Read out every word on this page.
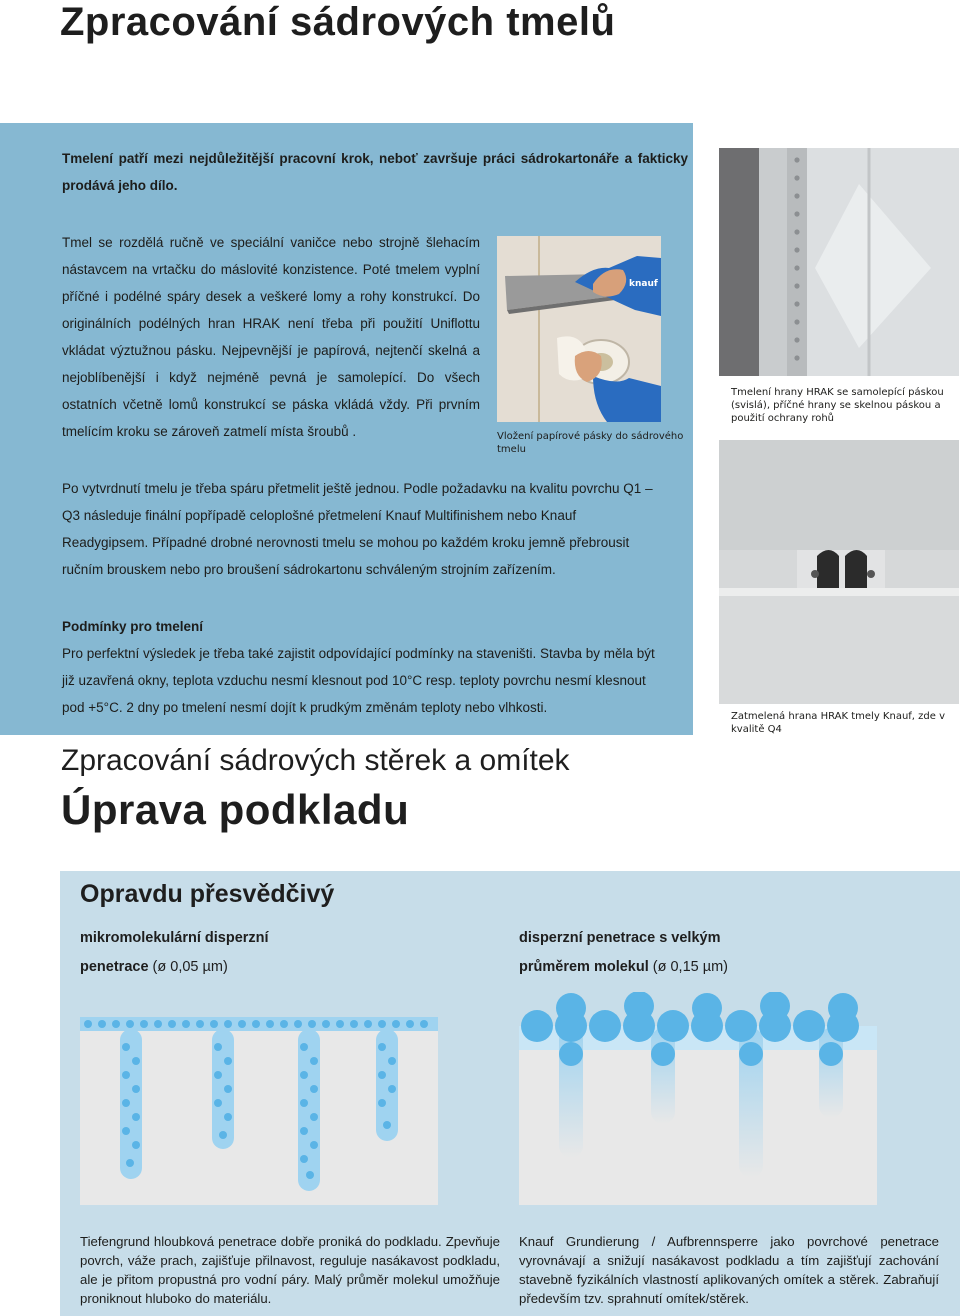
Zpracování sádrových tmelů
Tmelení patří mezi nejdůležitější pracovní krok, neboť završuje práci sádrokartonáře a fakticky prodává jeho dílo.
Tmel se rozdělá ručně ve speciální vaničce nebo strojně šlehacím nástavcem na vrtačku do máslovité konzistence. Poté tmelem vyplní příčné i podélné spáry desek a veškeré lomy a rohy konstrukcí. Do originálních podélných hran HRAK není třeba při použití Uniflottu vkládat výztužnou pásku. Nejpevnější je papírová, nejtenčí skelná a nejoblíbenější i když nejméně pevná je samolepící. Do všech ostatních včetně lomů konstrukcí se páska vkládá vždy. Při prvním tmelícím kroku se zároveň zatmelí místa šroubů .
Po vytvrdnutí tmelu je třeba spáru přetmelit ještě jednou. Podle požadavku na kvalitu povrchu Q1 – Q3 následuje finální popřípadě celoplošné přetmelení Knauf Multifinishem nebo Knauf Readygipsem. Případné drobné nerovnosti tmelu se mohou po každém kroku jemně přebrousit ručním brouskem nebo pro broušení sádrokartonu schváleným strojním zařízením.
Podmínky pro tmelení
Pro perfektní výsledek je třeba také zajistit odpovídající podmínky na staveništi. Stavba by měla být již uzavřená okny, teplota vzduchu nesmí klesnout pod 10°C resp. teploty povrchu nesmí klesnout pod +5°C. 2 dny po tmelení nesmí dojít k prudkým změnám teploty nebo vlhkosti.
knauf
Vložení papírové pásky do sádrového tmelu
Tmelení hrany HRAK se samolepící páskou (svislá), příčné hrany se skelnou páskou a použití ochrany rohů
Zatmelená hrana HRAK tmely Knauf, zde v kvalitě Q4
Zpracování sádrových stěrek a omítek
Úprava podkladu
Opravdu přesvědčivý
mikromolekulární disperzní
penetrace (ø 0,05 µm)
disperzní penetrace s velkým
průměrem molekul (ø 0,15 µm)
Tiefengrund hloubková penetrace dobře proniká do podkladu. Zpevňuje povrch, váže prach, zajišťuje přilnavost, reguluje nasákavost podkladu, ale je přitom propustná pro vodní páry. Malý průměr molekul umožňuje proniknout hluboko do materiálu.
Knauf Grundierung / Aufbrennsperre jako povrchové penetrace vyrovnávají a snižují nasákavost podkladu a tím zajišťují zachování stavebně fyzikálních vlastností aplikovaných omítek a stěrek. Zabraňují především tzv. sprahnutí omítek/stěrek.
